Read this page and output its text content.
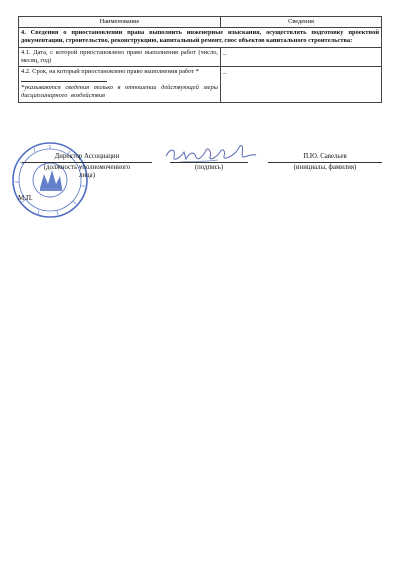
Наименование	Сведения
4. Сведения о приостановлении права выполнить инженерные изыскания, осуществлять подготовку проектной документации, строительство, реконструкцию, капитальный ремонт, снос объектов капитального строительства:	
4.1. Дата, с которой приостановлено право выполнения работ (число, месяц, год)	_

4.2. Срок, на который приостановлено право выполнения работ *
*указываются сведения только в отношении действующей меры дисциплинарного воздействия	_
М.П.
Директор Ассоциации
(должность уполномоченного лица)
(подпись)
П.Ю. Савельев
(инициалы, фамилия)
